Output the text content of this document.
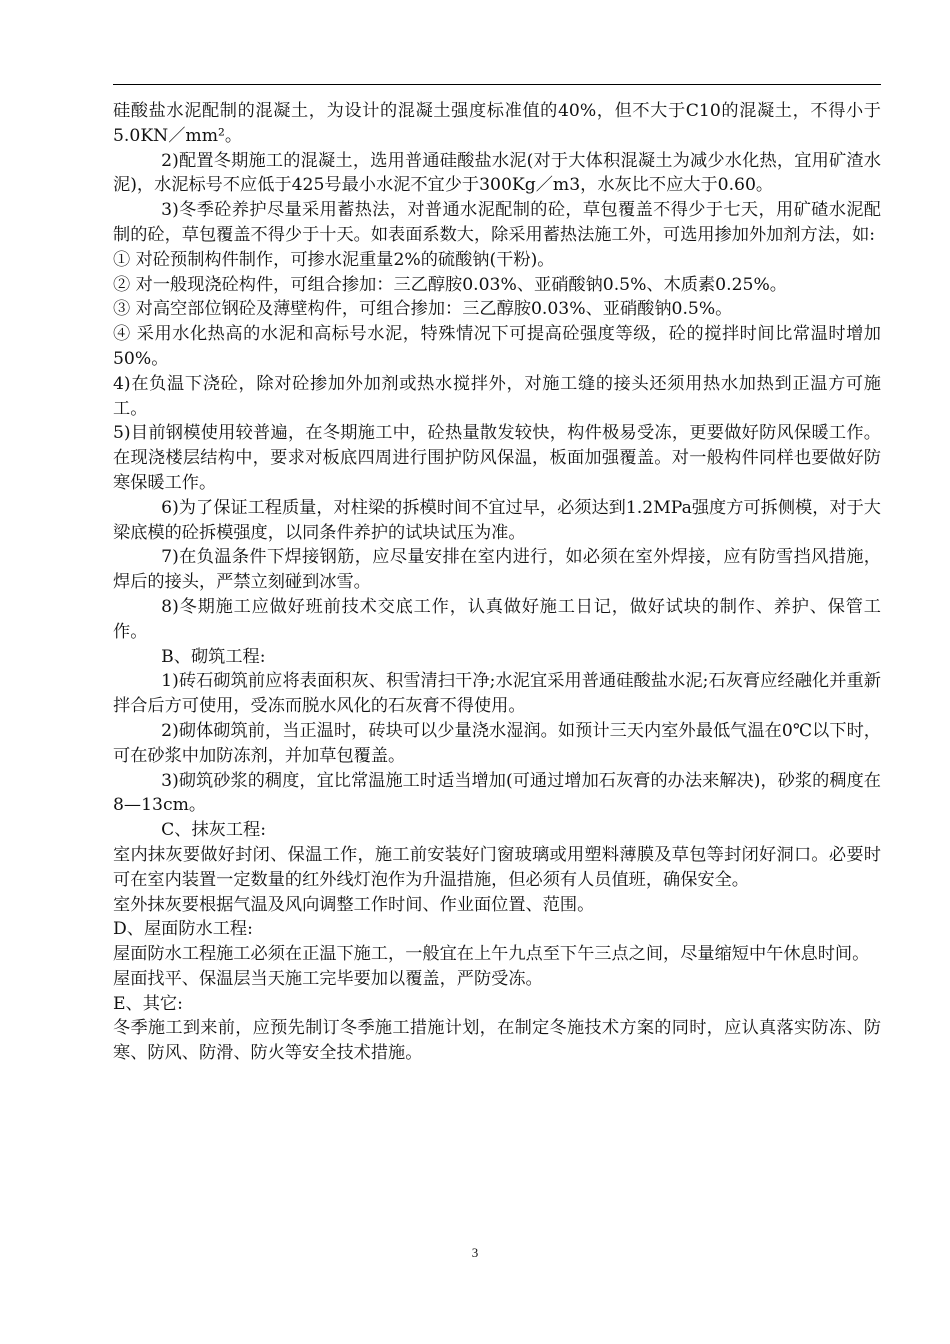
硅酸盐水泥配制的混凝土，为设计的混凝土强度标准值的40%，但不大于C10的混凝土，不得小于5.0KN／mm²。

2)配置冬期施工的混凝土，选用普通硅酸盐水泥(对于大体积混凝土为减少水化热，宜用矿渣水泥)，水泥标号不应低于425号最小水泥不宜少于300Kg／m3，水灰比不应大于0.60。

3)冬季砼养护尽量采用蓄热法，对普通水泥配制的砼，草包覆盖不得少于七天，用矿碴水泥配制的砼，草包覆盖不得少于十天。如表面系数大，除采用蓄热法施工外，可选用掺加外加剂方法，如:

① 对砼预制构件制作，可掺水泥重量2%的硫酸钠(干粉)。

② 对一般现浇砼构件，可组合掺加：三乙醇胺0.03%、亚硝酸钠0.5%、木质素0.25%。

③ 对高空部位钢砼及薄壁构件，可组合掺加：三乙醇胺0.03%、亚硝酸钠0.5%。

④ 采用水化热高的水泥和高标号水泥，特殊情况下可提高砼强度等级，砼的搅拌时间比常温时增加50%。

4)在负温下浇砼，除对砼掺加外加剂或热水搅拌外，对施工缝的接头还须用热水加热到正温方可施工。

5)目前钢模使用较普遍，在冬期施工中，砼热量散发较快，构件极易受冻，更要做好防风保暖工作。在现浇楼层结构中，要求对板底四周进行围护防风保温，板面加强覆盖。对一般构件同样也要做好防寒保暖工作。

6)为了保证工程质量，对柱梁的拆模时间不宜过早，必须达到1.2MPa强度方可拆侧模，对于大梁底模的砼拆模强度，以同条件养护的试块试压为准。

7)在负温条件下焊接钢筋，应尽量安排在室内进行，如必须在室外焊接，应有防雪挡风措施，焊后的接头，严禁立刻碰到冰雪。

8)冬期施工应做好班前技术交底工作，认真做好施工日记，做好试块的制作、养护、保管工作。

B、砌筑工程:

1)砖石砌筑前应将表面积灰、积雪清扫干净;水泥宜采用普通硅酸盐水泥;石灰膏应经融化并重新拌合后方可使用，受冻而脱水风化的石灰膏不得使用。

2)砌体砌筑前，当正温时，砖块可以少量浇水湿润。如预计三天内室外最低气温在0℃以下时，可在砂浆中加防冻剂，并加草包覆盖。

3)砌筑砂浆的稠度，宜比常温施工时适当增加(可通过增加石灰膏的办法来解决)，砂浆的稠度在8—13cm。

C、抹灰工程:

室内抹灰要做好封闭、保温工作，施工前安装好门窗玻璃或用塑料薄膜及草包等封闭好洞口。必要时可在室内装置一定数量的红外线灯泡作为升温措施，但必须有人员值班，确保安全。

室外抹灰要根据气温及风向调整工作时间、作业面位置、范围。

D、屋面防水工程:

屋面防水工程施工必须在正温下施工，一般宜在上午九点至下午三点之间，尽量缩短中午休息时间。

屋面找平、保温层当天施工完毕要加以覆盖，严防受冻。

E、其它:

冬季施工到来前，应预先制订冬季施工措施计划，在制定冬施技术方案的同时，应认真落实防冻、防寒、防风、防滑、防火等安全技术措施。

3
